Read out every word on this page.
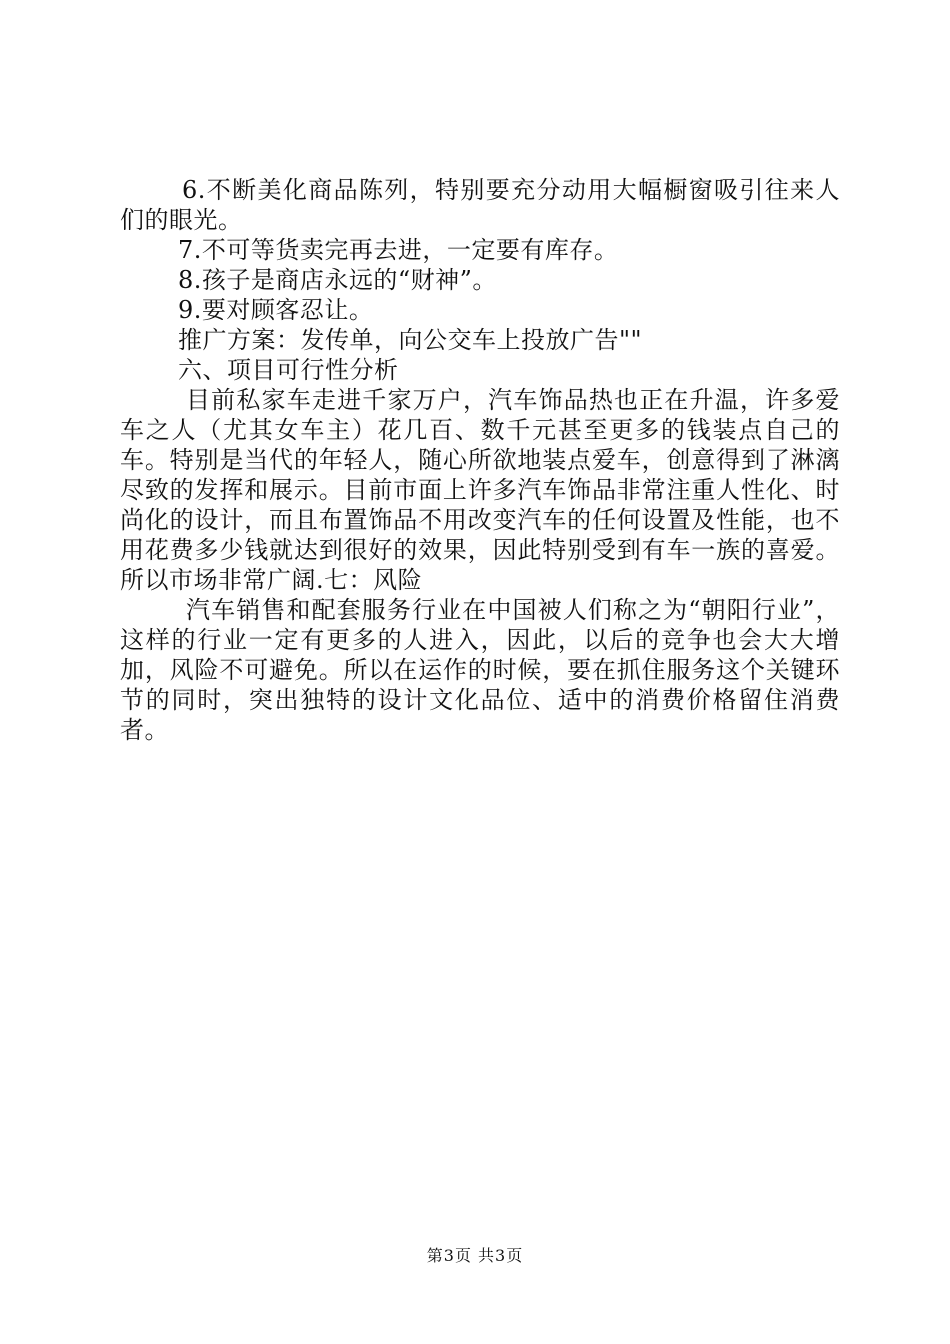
6.不断美化商品陈列，特别要充分动用大幅橱窗吸引往来人们的眼光。

7.不可等货卖完再去进，一定要有库存。

8.孩子是商店永远的“财神”。

9.要对顾客忍让。

推广方案：发传单，向公交车上投放广告""

六、项目可行性分析

目前私家车走进千家万户，汽车饰品热也正在升温，许多爱车之人（尤其女车主）花几百、数千元甚至更多的钱装点自己的车。特别是当代的年轻人，随心所欲地装点爱车，创意得到了淋漓尽致的发挥和展示。目前市面上许多汽车饰品非常注重人性化、时尚化的设计，而且布置饰品不用改变汽车的任何设置及性能，也不用花费多少钱就达到很好的效果，因此特别受到有车一族的喜爱。所以市场非常广阔.七：风险

汽车销售和配套服务行业在中国被人们称之为“朝阳行业”，这样的行业一定有更多的人进入，因此，以后的竞争也会大大增加，风险不可避免。所以在运作的时候，要在抓住服务这个关键环节的同时，突出独特的设计文化品位、适中的消费价格留住消费者。

第3页 共3页
